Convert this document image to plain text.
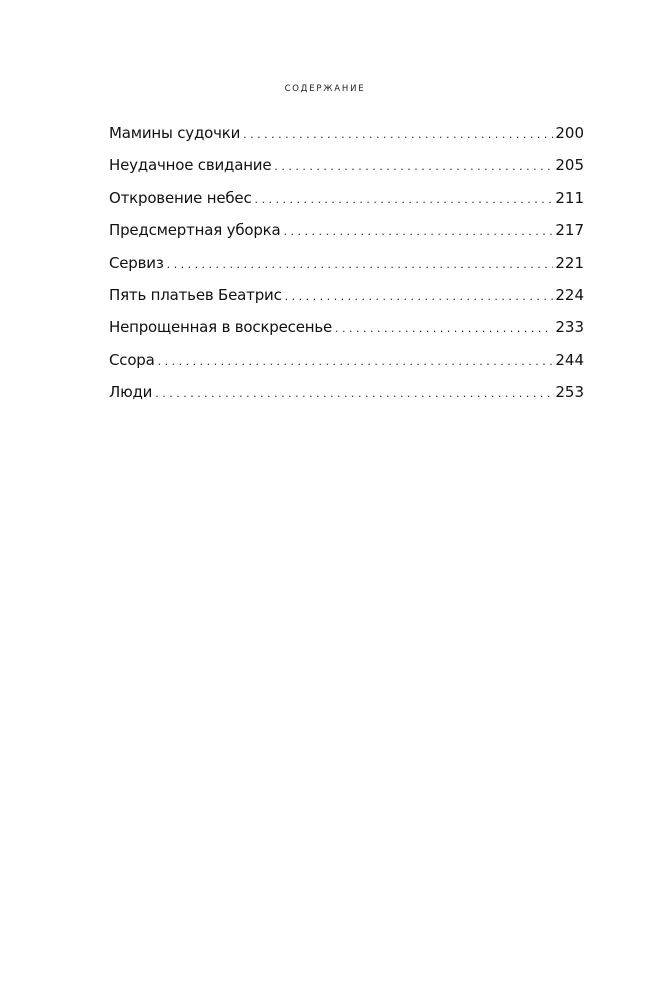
СОДЕРЖАНИЕ
Мамины судочки . . .	200
Неудачное свидание . . .	205
Откровение небес . . .	211
Предсмертная уборка . . .	217
Сервиз . . .	221
Пять платьев Беатрис . . .	224
Непрощенная в воскресенье . . .	233
Ссора . . .	244
Люди . . .	253
